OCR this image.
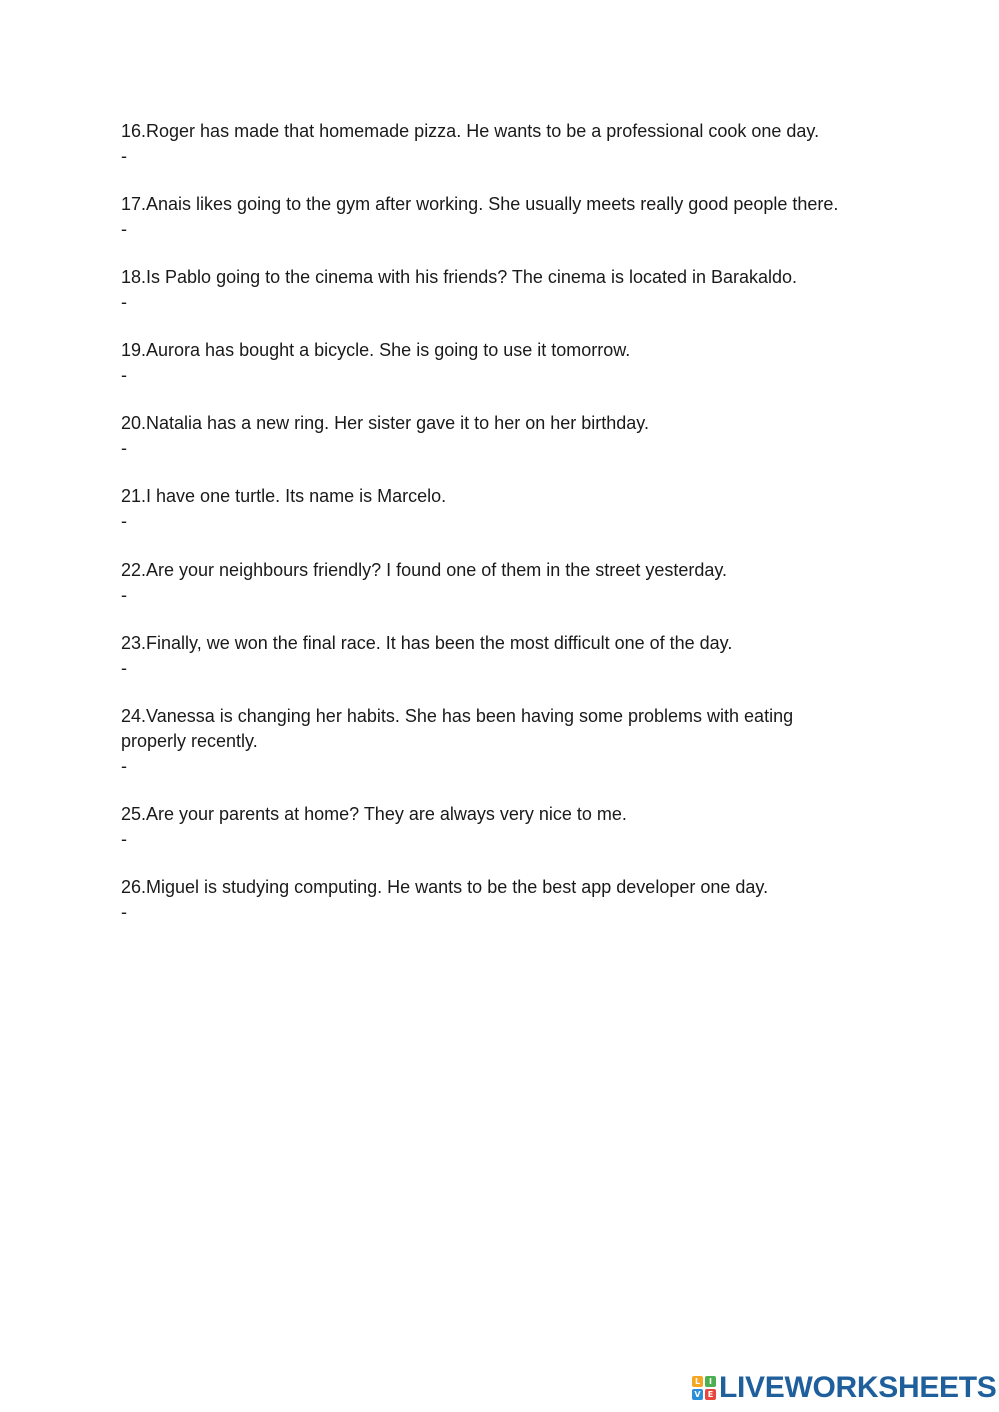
16.Roger has made that homemade pizza. He wants to be a professional cook one day.

-

17.Anais likes going to the gym after working. She usually meets really good people there.

-

18.Is Pablo going to the cinema with his friends? The cinema is located in Barakaldo.

-

19.Aurora has bought a bicycle. She is going to use it tomorrow.

-

20.Natalia has a new ring. Her sister gave it to her on her birthday.

-

21.I have one turtle. Its name is Marcelo.

-

22.Are your neighbours friendly? I found one of them in the street yesterday.

-

23.Finally, we won the final race. It has been the most difficult one of the day.

-

24.Vanessa is changing her habits. She has been having some problems with eating properly recently.

-

25.Are your parents at home? They are always very nice to me.

-

26.Miguel is studying computing. He wants to be the best app developer one day.

-

L	I
V E LIVEWORKSHEETS
